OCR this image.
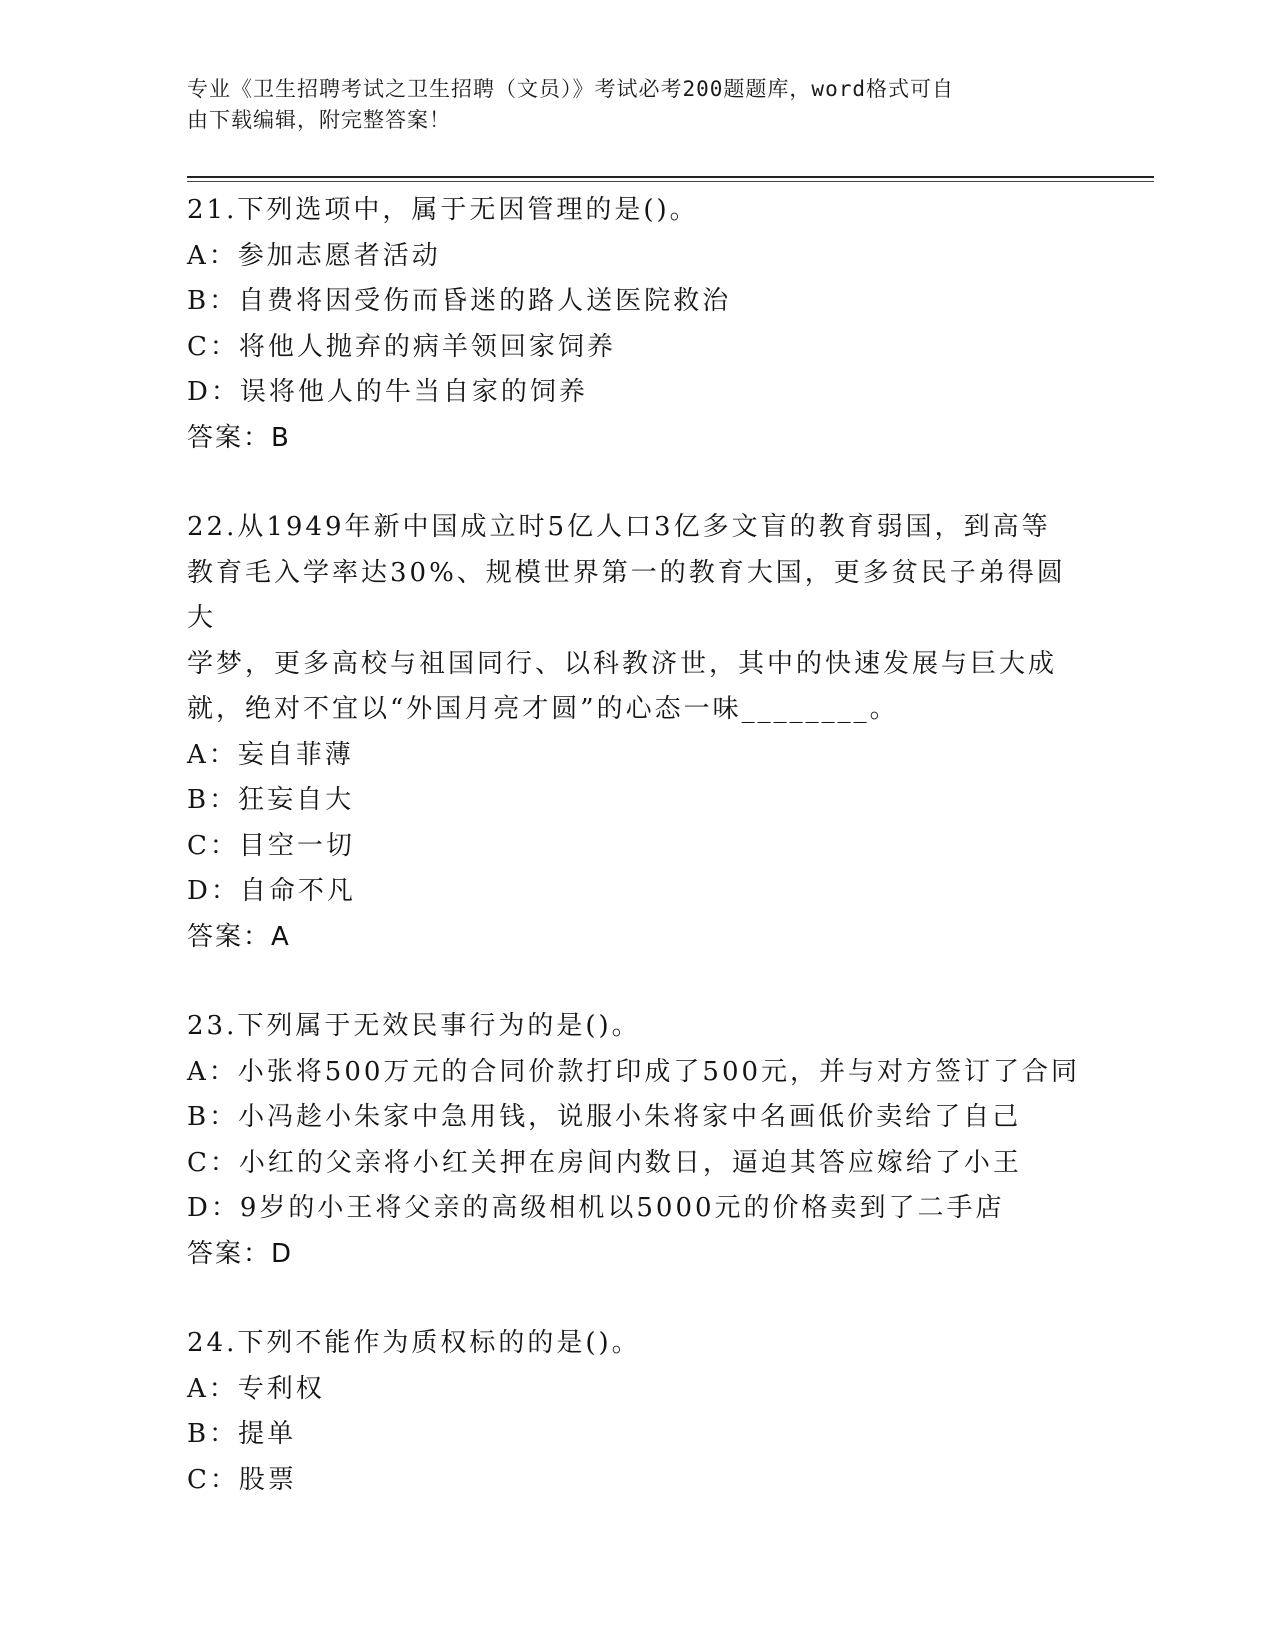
专业《卫生招聘考试之卫生招聘（文员）》考试必考200题题库，word格式可自
由下载编辑，附完整答案！
21.下列选项中，属于无因管理的是()。
A：参加志愿者活动
B：自费将因受伤而昏迷的路人送医院救治
C：将他人抛弃的病羊领回家饲养
D：误将他人的牛当自家的饲养
答案：B
22.从1949年新中国成立时5亿人口3亿多文盲的教育弱国，到高等
教育毛入学率达30%、规模世界第一的教育大国，更多贫民子弟得圆大
学梦，更多高校与祖国同行、以科教济世，其中的快速发展与巨大成
就，绝对不宜以“外国月亮才圆”的心态一味________。
A：妄自菲薄
B：狂妄自大
C：目空一切
D：自命不凡
答案：A
23.下列属于无效民事行为的是()。
A：小张将500万元的合同价款打印成了500元，并与对方签订了合同
B：小冯趁小朱家中急用钱，说服小朱将家中名画低价卖给了自己
C：小红的父亲将小红关押在房间内数日，逼迫其答应嫁给了小王
D：9岁的小王将父亲的高级相机以5000元的价格卖到了二手店
答案：D
24.下列不能作为质权标的的是()。
A：专利权
B：提单
C：股票
